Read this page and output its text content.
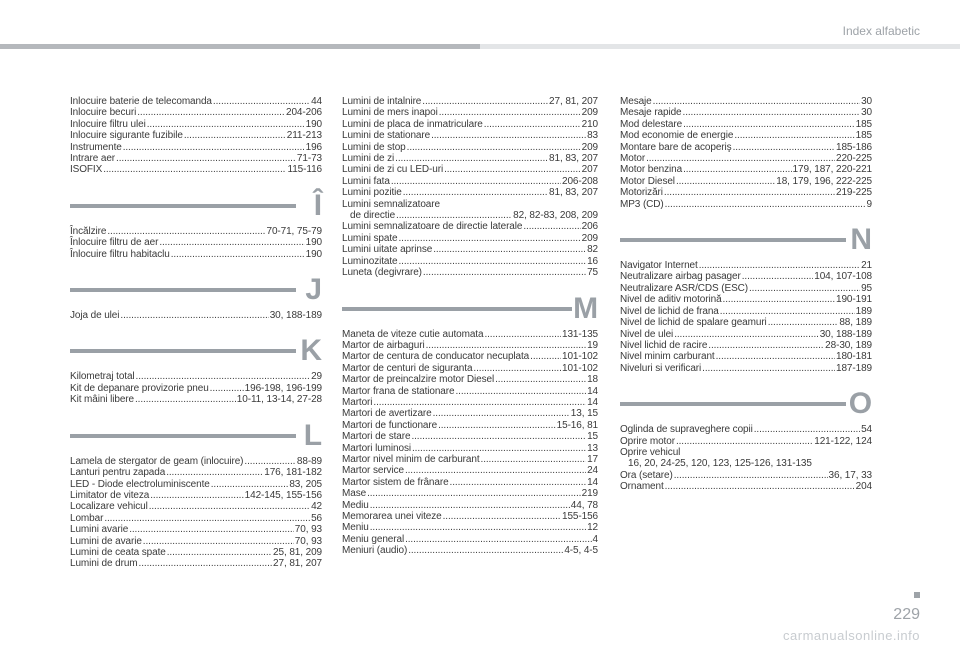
Index alfabetic
Inlocuire baterie de telecomanda .....	44
Inlocuire becuri .....	204-206
Inlocuire filtru ulei .....	190
Inlocuire sigurante fuzibile .....	211-213
Instrumente .....	196
Intrare aer .....	71-73
ISOFIX .....	115-116
Î
Încălzire .....	70-71, 75-79
Înlocuire filtru de aer .....	190
Înlocuire filtru habitaclu .....	190
J
Joja de ulei .....	30, 188-189
K
Kilometraj total .....	29
Kit de depanare provizorie pneu .....	196-198, 196-199
Kit mâini libere .....	10-11, 13-14, 27-28
L
Lamela de stergator de geam (inlocuire) .....	88-89
Lanturi pentru zapada .....	176, 181-182
LED - Diode electroluminiscente .....	83, 205
Limitator de viteza .....	142-145, 155-156
Localizare vehicul .....	42
Lombar .....	56
Lumini avarie .....	70, 93
Lumini de avarie .....	70, 93
Lumini de ceata spate .....	25, 81, 209
Lumini de drum .....	27, 81, 207
Lumini de intalnire .....	27, 81, 207
Lumini de mers inapoi .....	209
Lumini de placa de inmatriculare .....	210
Lumini de stationare .....	83
Lumini de stop .....	209
Lumini de zi .....	81, 83, 207
Lumini de zi cu LED-uri .....	207
Lumini fata .....	206-208
Lumini pozitie .....	81, 83, 207
Lumini semnalizatoare
de directie .....	82, 82-83, 208, 209
Lumini semnalizatoare de directie laterale .....	206
Lumini spate .....	209
Lumini uitate aprinse .....	82
Luminozitate .....	16
Luneta (degivrare) .....	75
M
Maneta de viteze cutie automata .....	131-135
Martor de airbaguri .....	19
Martor de centura de conducator necuplata .....	101-102
Martor de centuri de siguranta .....	101-102
Martor de preincalzire motor Diesel .....	18
Martor frana de stationare .....	14
Martori .....	14
Martori de avertizare .....	13, 15
Martori de functionare .....	15-16, 81
Martori de stare .....	15
Martori luminosi .....	13
Martor nivel minim de carburant .....	17
Martor service .....	24
Martor sistem de frânare .....	14
Mase .....	219
Mediu .....	44, 78
Memorarea unei viteze .....	155-156
Meniu .....	12
Meniu general .....	4
Meniuri (audio) .....	4-5, 4-5
Mesaje .....	30
Mesaje rapide .....	30
Mod delestare .....	185
Mod economie de energie .....	185
Montare bare de acoperiş .....	185-186
Motor .....	220-225
Motor benzina .....	179, 187, 220-221
Motor Diesel .....	18, 179, 196, 222-225
Motorizări .....	219-225
MP3 (CD) .....	9
N
Navigator Internet .....	21
Neutralizare airbag pasager .....	104, 107-108
Neutralizare ASR/CDS (ESC) .....	95
Nivel de aditiv motorină .....	190-191
Nivel de lichid de frana .....	189
Nivel de lichid de spalare geamuri .....	88, 189
Nivel de ulei .....	30, 188-189
Nivel lichid de racire .....	28-30, 189
Nivel minim carburant .....	180-181
Niveluri si verificari .....	187-189
O
Oglinda de supraveghere copii .....	54
Oprire motor .....	121-122, 124
Oprire vehicul
16, 20, 24-25, 120, 123, 125-126, 131-135
Ora (setare) .....	36, 17, 33
Ornament .....	204
229
carmanualsonline.info
